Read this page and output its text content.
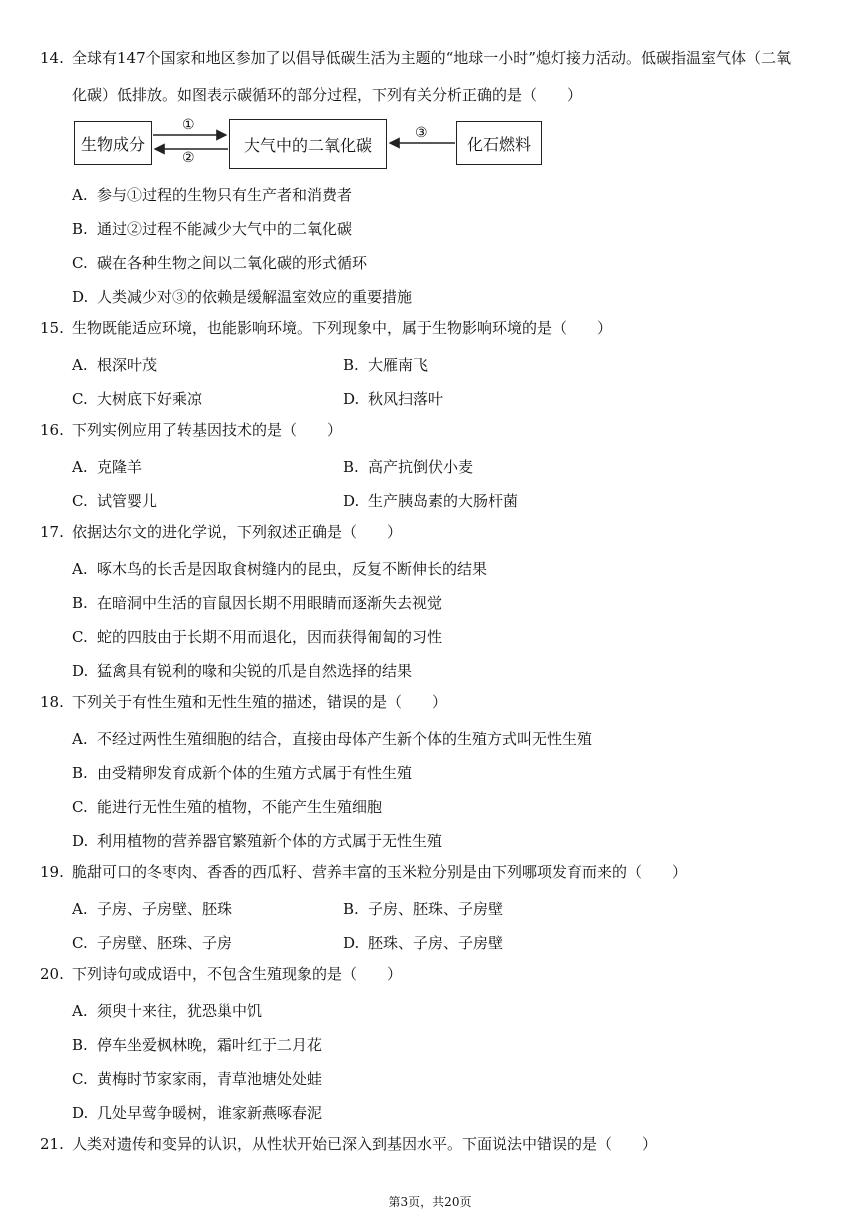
14. 全球有147个国家和地区参加了以倡导低碳生活为主题的“地球一小时”熄灯接力活动。低碳指温室气体（二氧
化碳）低排放。如图表示碳循环的部分过程，下列有关分析正确的是（　　）
生物成分	大气中的二氧化碳	化石燃料
①
②
③
A. 参与①过程的生物只有生产者和消费者
B. 通过②过程不能减少大气中的二氧化碳
C. 碳在各种生物之间以二氧化碳的形式循环
D. 人类减少对③的依赖是缓解温室效应的重要措施
15. 生物既能适应环境，也能影响环境。下列现象中，属于生物影响环境的是（　　）
A. 根深叶茂	B. 大雁南飞
C. 大树底下好乘凉	D. 秋风扫落叶
16. 下列实例应用了转基因技术的是（　　）
A. 克隆羊	B. 高产抗倒伏小麦
C. 试管婴儿	D. 生产胰岛素的大肠杆菌
17. 依据达尔文的进化学说，下列叙述正确是（　　）
A. 啄木鸟的长舌是因取食树缝内的昆虫，反复不断伸长的结果
B. 在暗洞中生活的盲鼠因长期不用眼睛而逐渐失去视觉
C. 蛇的四肢由于长期不用而退化，因而获得匍匐的习性
D. 猛禽具有锐利的喙和尖锐的爪是自然选择的结果
18. 下列关于有性生殖和无性生殖的描述，错误的是（　　）
A. 不经过两性生殖细胞的结合，直接由母体产生新个体的生殖方式叫无性生殖
B. 由受精卵发育成新个体的生殖方式属于有性生殖
C. 能进行无性生殖的植物，不能产生生殖细胞
D. 利用植物的营养器官繁殖新个体的方式属于无性生殖
19. 脆甜可口的冬枣肉、香香的西瓜籽、营养丰富的玉米粒分别是由下列哪项发育而来的（　　）
A. 子房、子房壁、胚珠	B. 子房、胚珠、子房壁
C. 子房壁、胚珠、子房	D. 胚珠、子房、子房壁
20. 下列诗句或成语中，不包含生殖现象的是（　　）
A. 须臾十来往，犹恐巢中饥
B. 停车坐爱枫林晚，霜叶红于二月花
C. 黄梅时节家家雨，青草池塘处处蛙
D. 几处早莺争暖树，谁家新燕啄春泥
21. 人类对遗传和变异的认识，从性状开始已深入到基因水平。下面说法中错误的是（　　）
第3页，共20页
